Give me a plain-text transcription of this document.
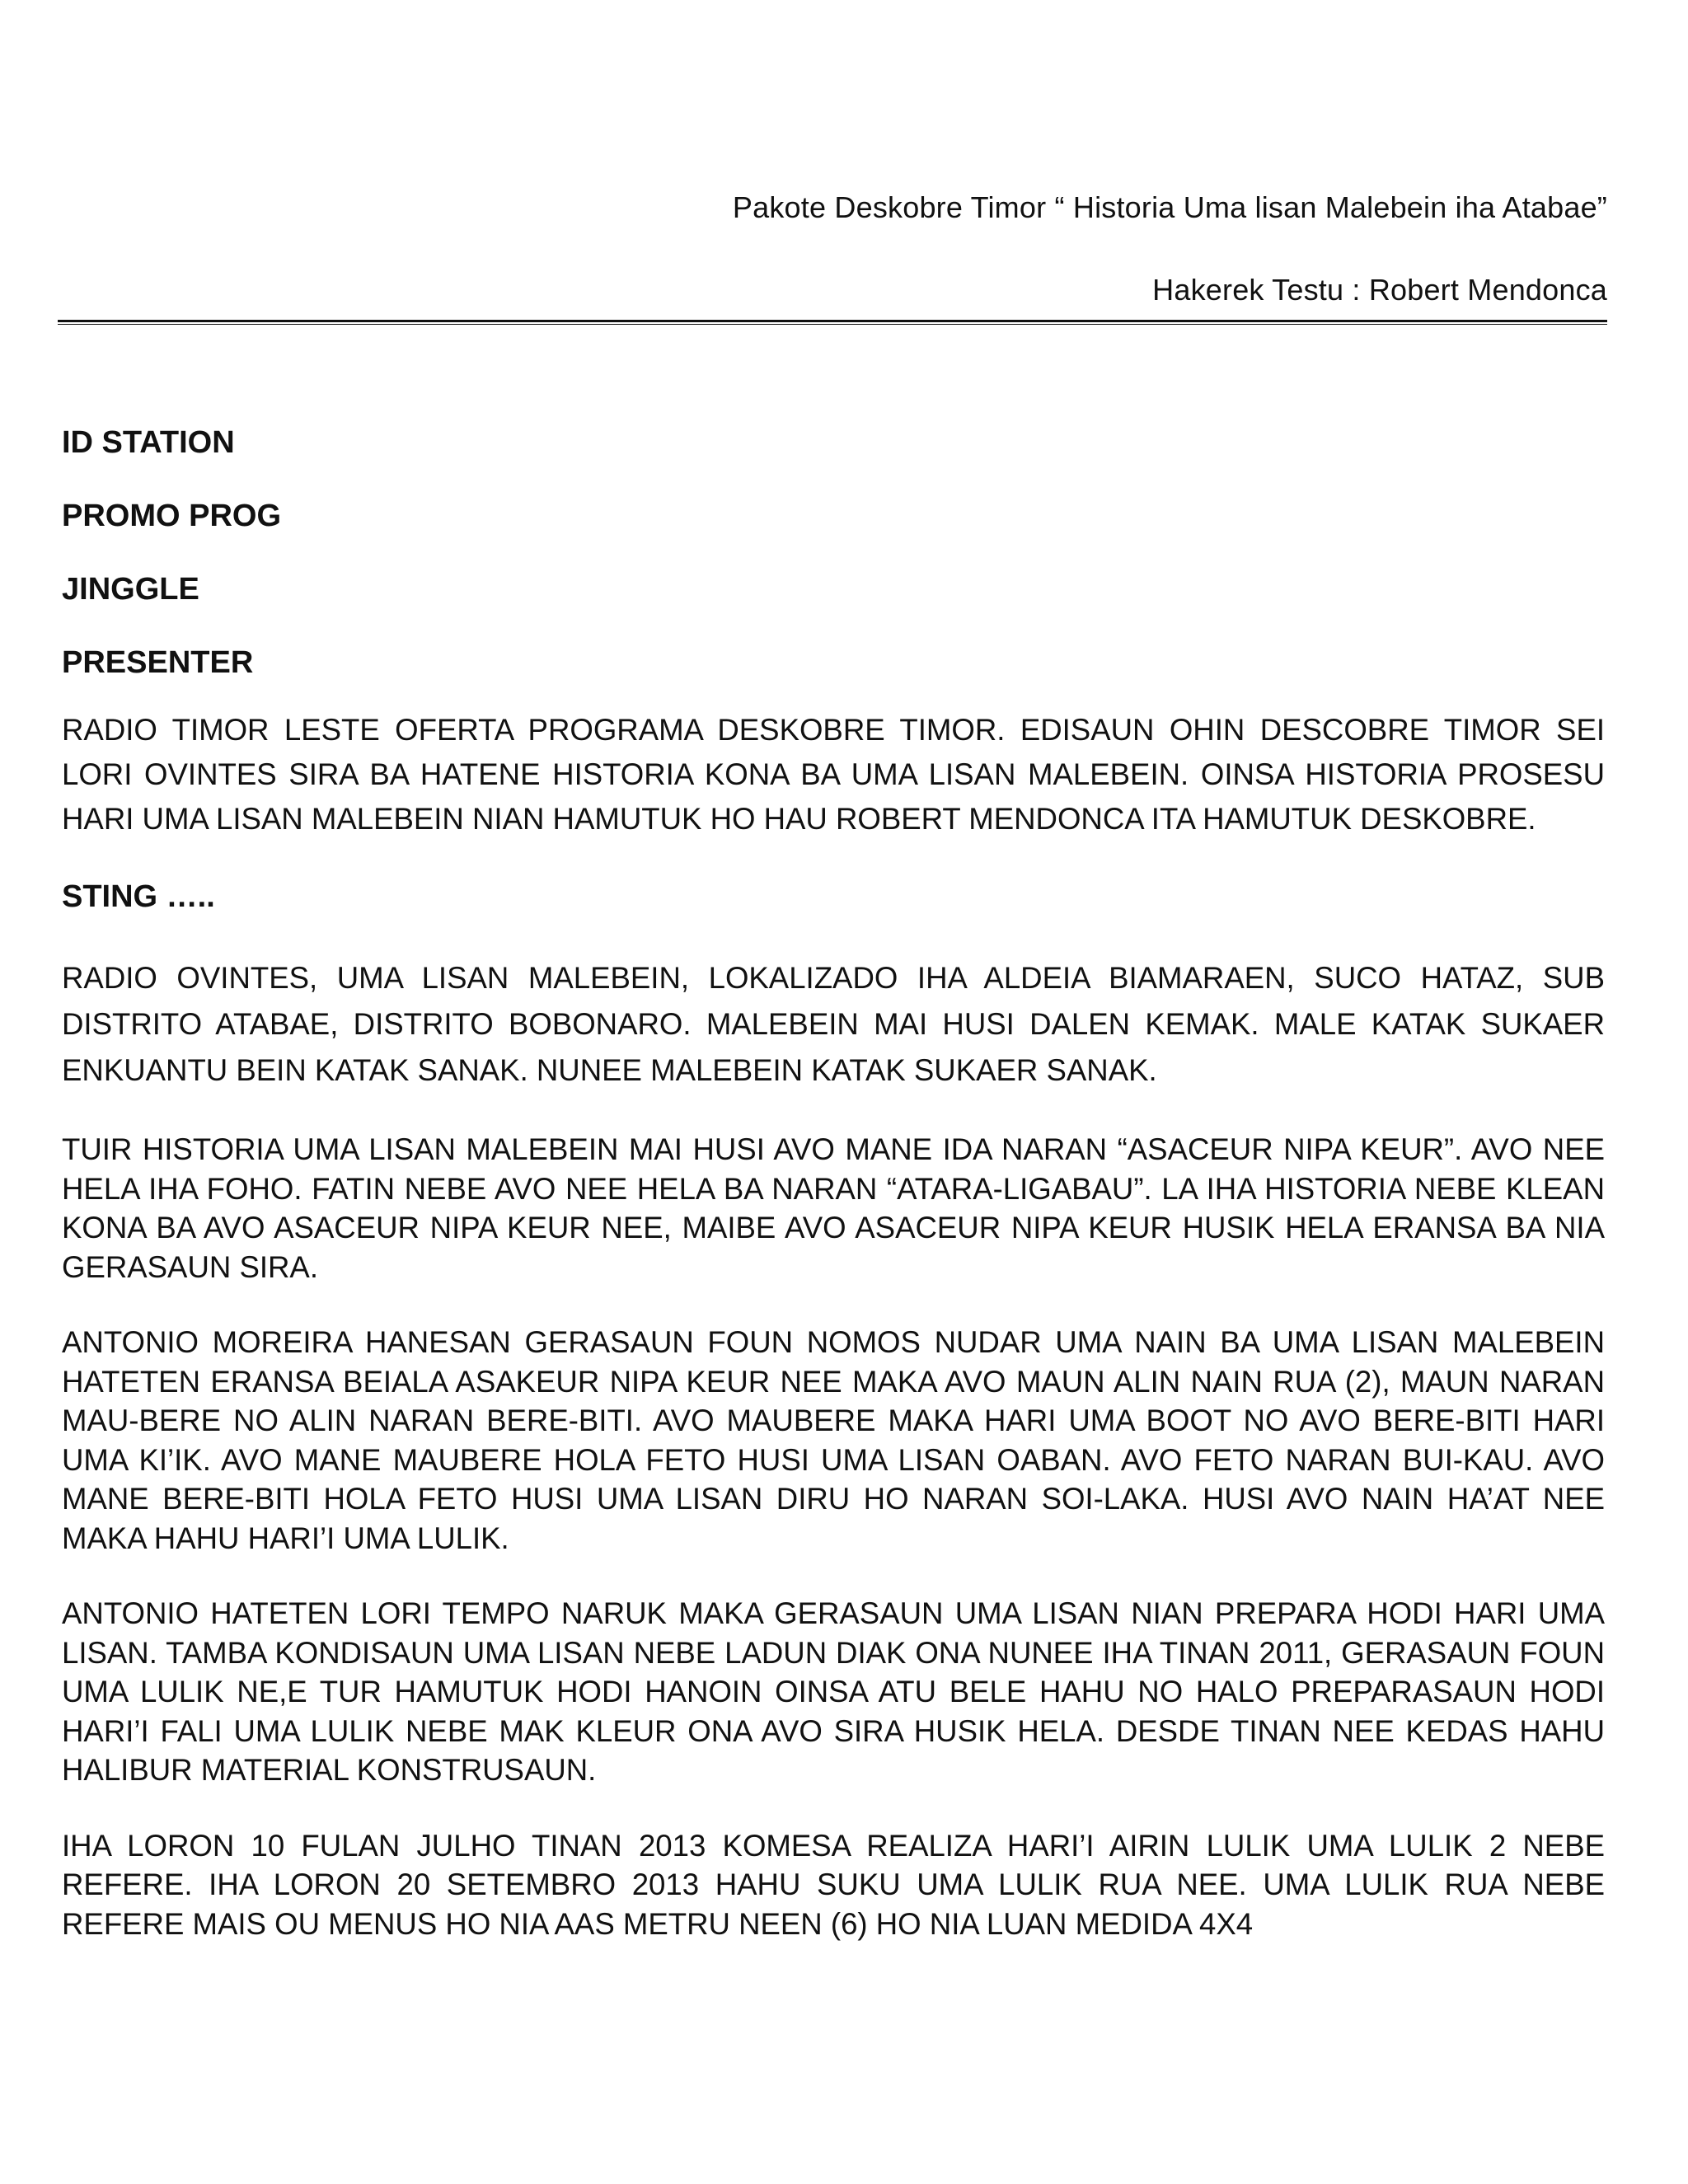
Pakote Deskobre Timor “ Historia Uma lisan Malebein iha Atabae”

Hakerek Testu : Robert Mendonca

ID STATION

PROMO PROG

JINGGLE

PRESENTER

RADIO TIMOR LESTE OFERTA PROGRAMA DESKOBRE TIMOR. EDISAUN OHIN DESCOBRE TIMOR SEI LORI OVINTES SIRA BA HATENE HISTORIA KONA BA UMA LISAN MALEBEIN. OINSA HISTORIA PROSESU HARI UMA LISAN MALEBEIN NIAN HAMUTUK HO HAU ROBERT MENDONCA ITA HAMUTUK DESKOBRE.

STING …..

RADIO OVINTES, UMA LISAN MALEBEIN, LOKALIZADO IHA ALDEIA BIAMARAEN, SUCO HATAZ, SUB DISTRITO ATABAE, DISTRITO BOBONARO. MALEBEIN MAI HUSI DALEN KEMAK. MALE KATAK SUKAER ENKUANTU BEIN KATAK SANAK. NUNEE MALEBEIN KATAK SUKAER SANAK.

TUIR HISTORIA UMA LISAN MALEBEIN MAI HUSI AVO MANE IDA NARAN “ASACEUR NIPA KEUR”. AVO NEE HELA IHA FOHO. FATIN NEBE AVO NEE HELA BA NARAN “ATARA-LIGABAU”. LA IHA HISTORIA NEBE KLEAN KONA BA AVO ASACEUR NIPA KEUR NEE, MAIBE AVO ASACEUR NIPA KEUR HUSIK HELA ERANSA BA NIA GERASAUN SIRA.

ANTONIO MOREIRA HANESAN GERASAUN FOUN NOMOS NUDAR UMA NAIN BA UMA LISAN MALEBEIN HATETEN ERANSA BEIALA ASAKEUR NIPA KEUR NEE MAKA AVO MAUN ALIN NAIN RUA (2), MAUN NARAN MAU-BERE NO ALIN NARAN BERE-BITI. AVO MAUBERE MAKA HARI UMA BOOT NO AVO BERE-BITI HARI UMA KI’IK. AVO MANE MAUBERE HOLA FETO HUSI UMA LISAN OABAN. AVO FETO NARAN BUI-KAU. AVO MANE BERE-BITI HOLA FETO HUSI UMA LISAN DIRU HO NARAN SOI-LAKA. HUSI AVO NAIN HA’AT NEE MAKA HAHU HARI’I UMA LULIK.

ANTONIO HATETEN LORI TEMPO NARUK MAKA GERASAUN UMA LISAN NIAN PREPARA HODI HARI UMA LISAN. TAMBA KONDISAUN UMA LISAN NEBE LADUN DIAK ONA NUNEE IHA TINAN 2011, GERASAUN FOUN UMA LULIK NE,E TUR HAMUTUK HODI HANOIN OINSA ATU BELE HAHU NO HALO PREPARASAUN HODI HARI’I FALI UMA LULIK NEBE MAK KLEUR ONA AVO SIRA HUSIK HELA. DESDE TINAN NEE KEDAS HAHU HALIBUR MATERIAL KONSTRUSAUN.

IHA LORON 10 FULAN JULHO TINAN 2013 KOMESA REALIZA HARI’I AIRIN LULIK UMA LULIK 2 NEBE REFERE. IHA LORON 20 SETEMBRO 2013 HAHU SUKU UMA LULIK RUA NEE. UMA LULIK RUA NEBE REFERE MAIS OU MENUS HO NIA AAS METRU NEEN (6) HO NIA LUAN MEDIDA 4X4
